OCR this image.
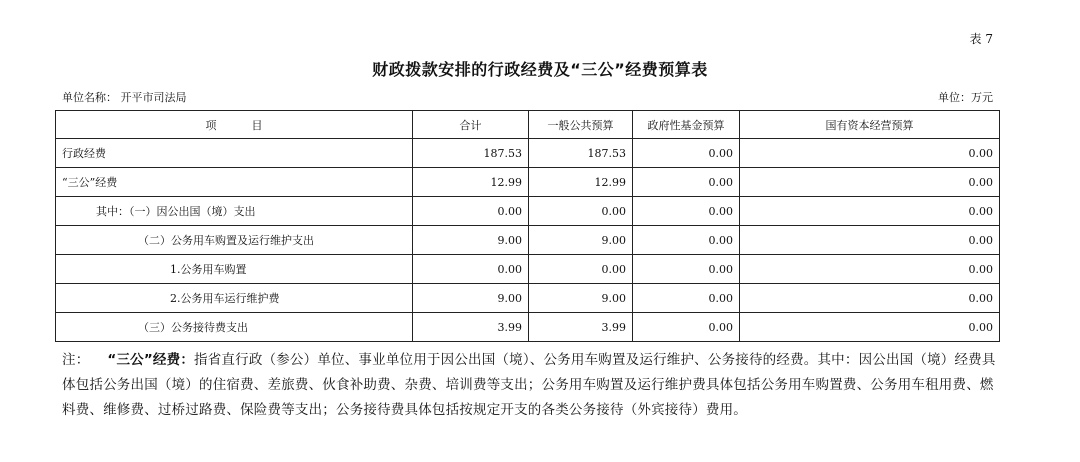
表 7
财政拨款安排的行政经费及“三公”经费预算表
单位名称： 开平市司法局	单位：万元
项          目	合计	一般公共预算	政府性基金预算	国有资本经营预算
行政经费	187.53	187.53	0.00	0.00
“三公”经费	12.99	12.99	0.00	0.00
其中：（一）因公出国（境）支出	0.00	0.00	0.00	0.00
（二）公务用车购置及运行维护支出	9.00	9.00	0.00	0.00
1.公务用车购置	0.00	0.00	0.00	0.00
2.公务用车运行维护费	9.00	9.00	0.00	0.00
（三）公务接待费支出	3.99	3.99	0.00	0.00
注： “三公”经费：指省直行政（参公）单位、事业单位用于因公出国（境）、公务用车购置及运行维护、公务接待的经费。其中：因公出国（境）经费具体包括公务出国（境）的住宿费、差旅费、伙食补助费、杂费、培训费等支出；公务用车购置及运行维护费具体包括公务用车购置费、公务用车租用费、燃料费、维修费、过桥过路费、保险费等支出；公务接待费具体包括按规定开支的各类公务接待（外宾接待）费用。
